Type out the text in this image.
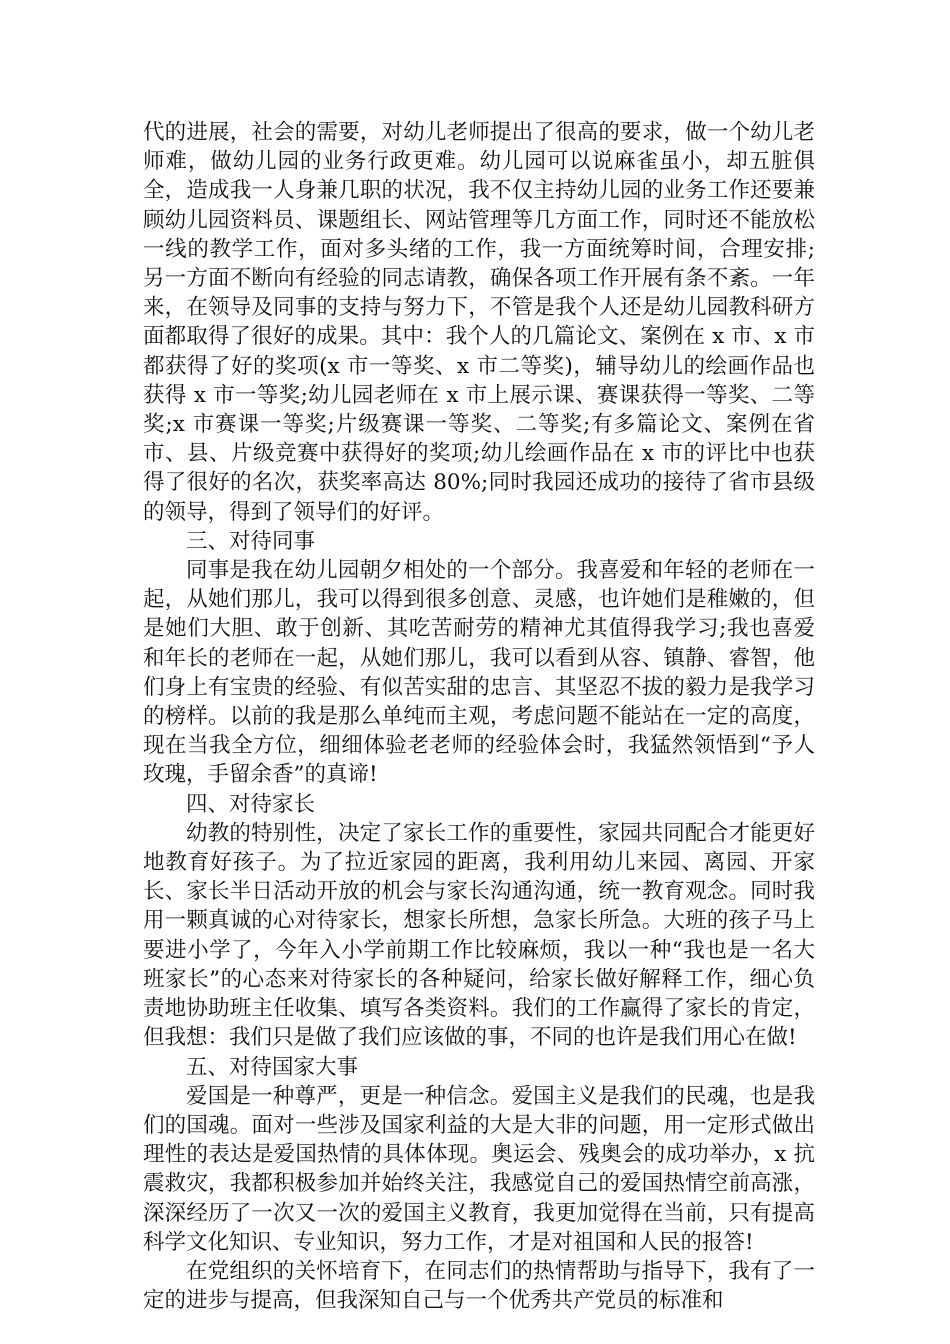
代的进展，社会的需要，对幼儿老师提出了很高的要求，做一个幼儿老师难，做幼儿园的业务行政更难。幼儿园可以说麻雀虽小，却五脏俱全，造成我一人身兼几职的状况，我不仅主持幼儿园的业务工作还要兼顾幼儿园资料员、课题组长、网站管理等几方面工作，同时还不能放松一线的教学工作，面对多头绪的工作，我一方面统筹时间，合理安排;另一方面不断向有经验的同志请教，确保各项工作开展有条不紊。一年来，在领导及同事的支持与努力下，不管是我个人还是幼儿园教科研方面都取得了很好的成果。其中：我个人的几篇论文、案例在 x 市、x 市都获得了好的奖项(x 市一等奖、x 市二等奖)，辅导幼儿的绘画作品也获得 x 市一等奖;幼儿园老师在 x 市上展示课、赛课获得一等奖、二等奖;x 市赛课一等奖;片级赛课一等奖、二等奖;有多篇论文、案例在省市、县、片级竞赛中获得好的奖项;幼儿绘画作品在 x 市的评比中也获得了很好的名次，获奖率高达 80%;同时我园还成功的接待了省市县级的领导，得到了领导们的好评。

三、对待同事

同事是我在幼儿园朝夕相处的一个部分。我喜爱和年轻的老师在一起，从她们那儿，我可以得到很多创意、灵感，也许她们是稚嫩的，但是她们大胆、敢于创新、其吃苦耐劳的精神尤其值得我学习;我也喜爱和年长的老师在一起，从她们那儿，我可以看到从容、镇静、睿智，他们身上有宝贵的经验、有似苦实甜的忠言、其坚忍不拔的毅力是我学习的榜样。以前的我是那么单纯而主观，考虑问题不能站在一定的高度，现在当我全方位，细细体验老老师的经验体会时，我猛然领悟到“予人玫瑰，手留余香”的真谛!

四、对待家长

幼教的特别性，决定了家长工作的重要性，家园共同配合才能更好地教育好孩子。为了拉近家园的距离，我利用幼儿来园、离园、开家长、家长半日活动开放的机会与家长沟通沟通，统一教育观念。同时我用一颗真诚的心对待家长，想家长所想，急家长所急。大班的孩子马上要进小学了，今年入小学前期工作比较麻烦，我以一种“我也是一名大班家长”的心态来对待家长的各种疑问，给家长做好解释工作，细心负责地协助班主任收集、填写各类资料。我们的工作赢得了家长的肯定，但我想：我们只是做了我们应该做的事，不同的也许是我们用心在做!

五、对待国家大事

爱国是一种尊严，更是一种信念。爱国主义是我们的民魂，也是我们的国魂。面对一些涉及国家利益的大是大非的问题，用一定形式做出理性的表达是爱国热情的具体体现。奥运会、残奥会的成功举办，x 抗震救灾，我都积极参加并始终关注，我感觉自己的爱国热情空前高涨，深深经历了一次又一次的爱国主义教育，我更加觉得在当前，只有提高科学文化知识、专业知识，努力工作，才是对祖国和人民的报答!

在党组织的关怀培育下，在同志们的热情帮助与指导下，我有了一定的进步与提高，但我深知自己与一个优秀共产党员的标准和
